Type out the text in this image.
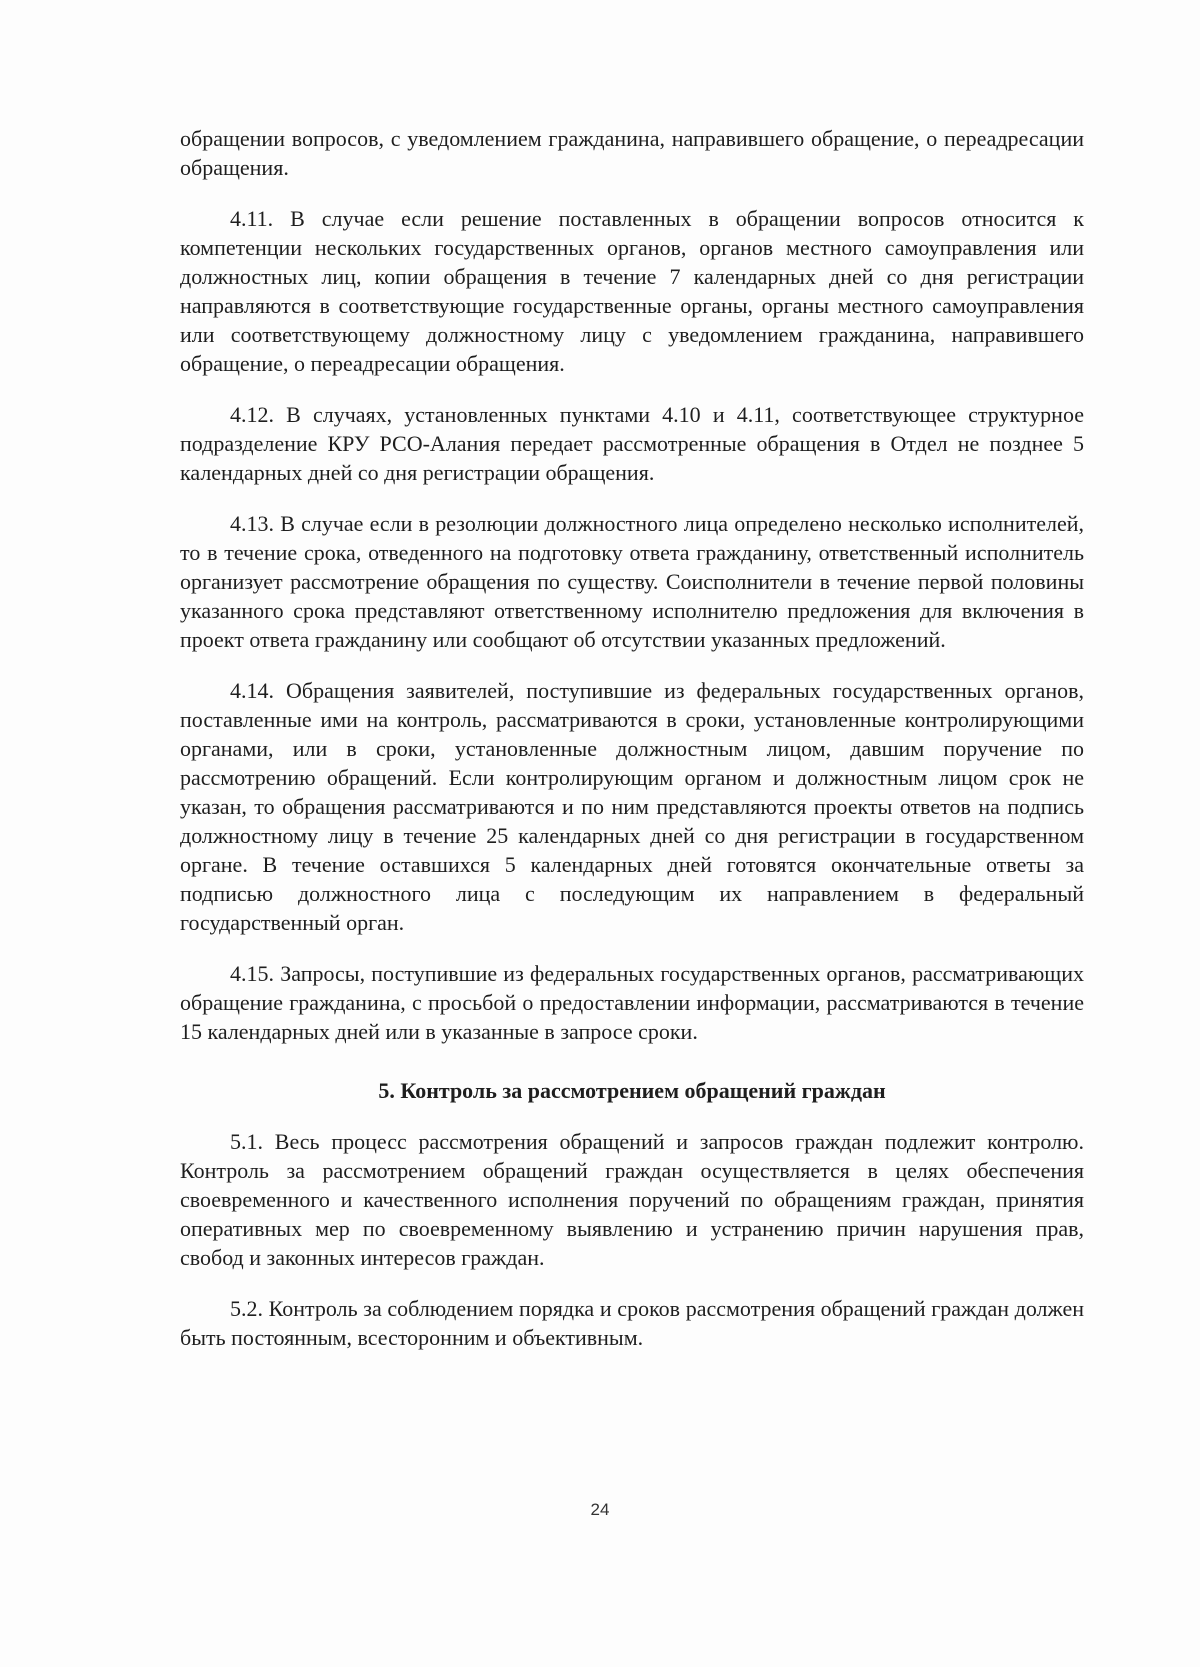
обращении вопросов, с уведомлением гражданина, направившего обращение, о переадресации обращения.

4.11. В случае если решение поставленных в обращении вопросов относится к компетенции нескольких государственных органов, органов местного самоуправления или должностных лиц, копии обращения в течение 7 календарных дней со дня регистрации направляются в соответствующие государственные органы, органы местного самоуправления или соответствующему должностному лицу с уведомлением гражданина, направившего обращение, о переадресации обращения.

4.12. В случаях, установленных пунктами 4.10 и 4.11, соответствующее структурное подразделение КРУ РСО-Алания передает рассмотренные обращения в Отдел не позднее 5 календарных дней со дня регистрации обращения.

4.13. В случае если в резолюции должностного лица определено несколько исполнителей, то в течение срока, отведенного на подготовку ответа гражданину, ответственный исполнитель организует рассмотрение обращения по существу. Соисполнители в течение первой половины указанного срока представляют ответственному исполнителю предложения для включения в проект ответа гражданину или сообщают об отсутствии указанных предложений.

4.14. Обращения заявителей, поступившие из федеральных государственных органов, поставленные ими на контроль, рассматриваются в сроки, установленные контролирующими органами, или в сроки, установленные должностным лицом, давшим поручение по рассмотрению обращений. Если контролирующим органом и должностным лицом срок не указан, то обращения рассматриваются и по ним представляются проекты ответов на подпись должностному лицу в течение 25 календарных дней со дня регистрации в государственном органе. В течение оставшихся 5 календарных дней готовятся окончательные ответы за подписью должностного лица с последующим их направлением в федеральный государственный орган.

4.15. Запросы, поступившие из федеральных государственных органов, рассматривающих обращение гражданина, с просьбой о предоставлении информации, рассматриваются в течение 15 календарных дней или в указанные в запросе сроки.

5. Контроль за рассмотрением обращений граждан

5.1. Весь процесс рассмотрения обращений и запросов граждан подлежит контролю. Контроль за рассмотрением обращений граждан осуществляется в целях обеспечения своевременного и качественного исполнения поручений по обращениям граждан, принятия оперативных мер по своевременному выявлению и устранению причин нарушения прав, свобод и законных интересов граждан.

5.2. Контроль за соблюдением порядка и сроков рассмотрения обращений граждан должен быть постоянным, всесторонним и объективным.

24
